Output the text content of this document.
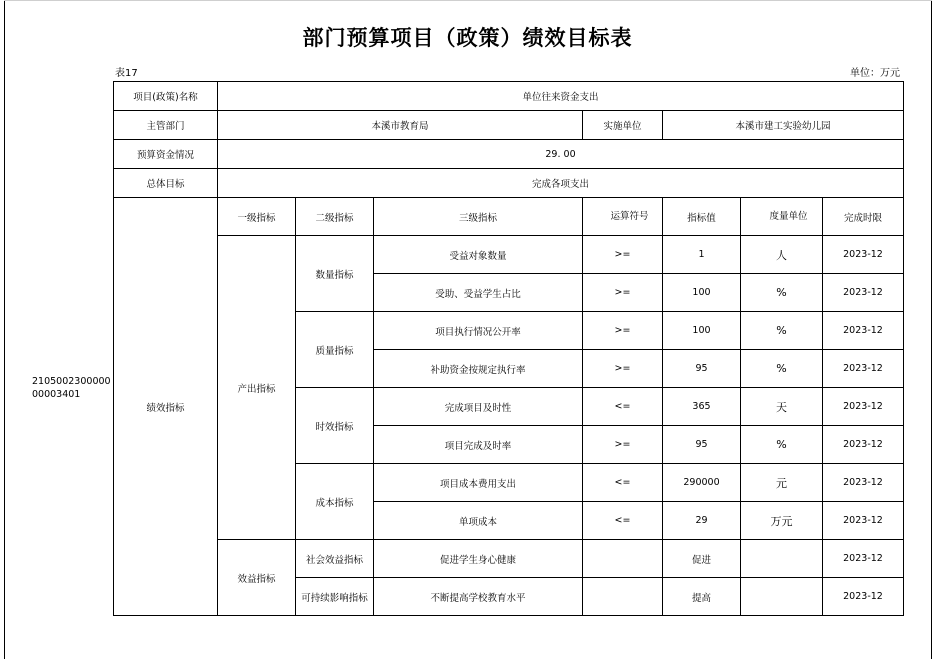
部门预算项目（政策）绩效目标表
表17	单位：万元
210500230000000003401
项目(政策)名称	单位往来资金支出						
主管部门	本溪市教育局			实施单位	本溪市建工实验幼儿园		
预算资金情况	29. 00						
总体目标	完成各项支出						
绩效指标	一级指标	二级指标	三级指标	运算符号	指标值	度量单位	完成时限
	产出指标	数量指标	受益对象数量	>=	1	人	2023-12
			受助、受益学生占比	>=	100	%	2023-12
		质量指标	项目执行情况公开率	>=	100	%	2023-12
			补助资金按规定执行率	>=	95	%	2023-12
		时效指标	完成项目及时性	<=	365	天	2023-12
			项目完成及时率	>=	95	%	2023-12
		成本指标	项目成本费用支出	<=	290000	元	2023-12
			单项成本	<=	29	万元	2023-12
	效益指标	社会效益指标	促进学生身心健康		促进		2023-12
		可持续影响指标	不断提高学校教育水平		提高		2023-12
